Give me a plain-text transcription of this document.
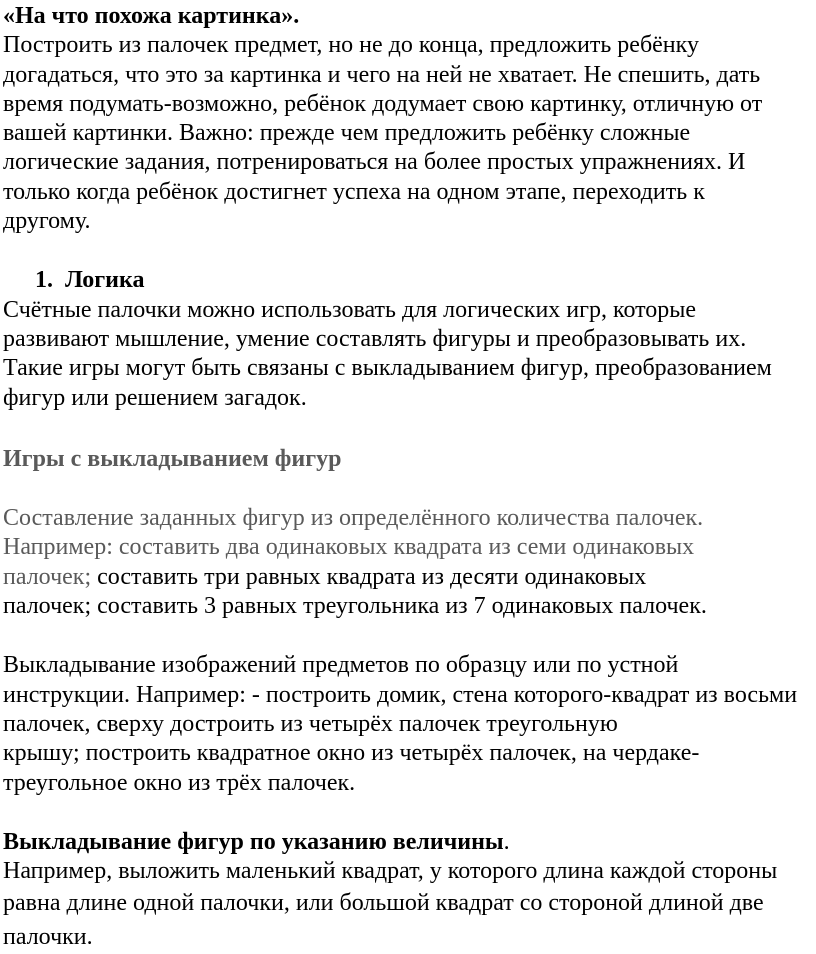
«На что похожа картинка».

Построить из палочек предмет, но не до конца, предложить ребёнку

догадаться, что это за картинка и чего на ней не хватает. Не спешить, дать

время подумать-возможно, ребёнок додумает свою картинку, отличную от

вашей картинки. Важно: прежде чем предложить ребёнку сложные

логические задания, потренироваться на более простых упражнениях. И

только когда ребёнок достигнет успеха на одном этапе, переходить к

другому.

1. Логика

Счётные палочки можно использовать для логических игр, которые

развивают мышление, умение составлять фигуры и преобразовывать их.

Такие игры могут быть связаны с выкладыванием фигур, преобразованием

фигур или решением загадок.

Игры с выкладыванием фигур

Составление заданных фигур из определённого количества палочек.

Например: составить два одинаковых квадрата из семи одинаковых

палочек; составить три равных квадрата из десяти одинаковых

палочек; составить 3 равных треугольника из 7 одинаковых палочек.

Выкладывание изображений предметов по образцу или по устной

инструкции. Например: - построить домик, стена которого-квадрат из восьми

палочек, сверху достроить из четырёх палочек треугольную

крышу; построить квадратное окно из четырёх палочек, на чердаке-

треугольное окно из трёх палочек.

Выкладывание фигур по указанию величины.

Например, выложить маленький квадрат, у которого длина каждой стороны

равна длине одной палочки, или большой квадрат со стороной длиной две

палочки.
